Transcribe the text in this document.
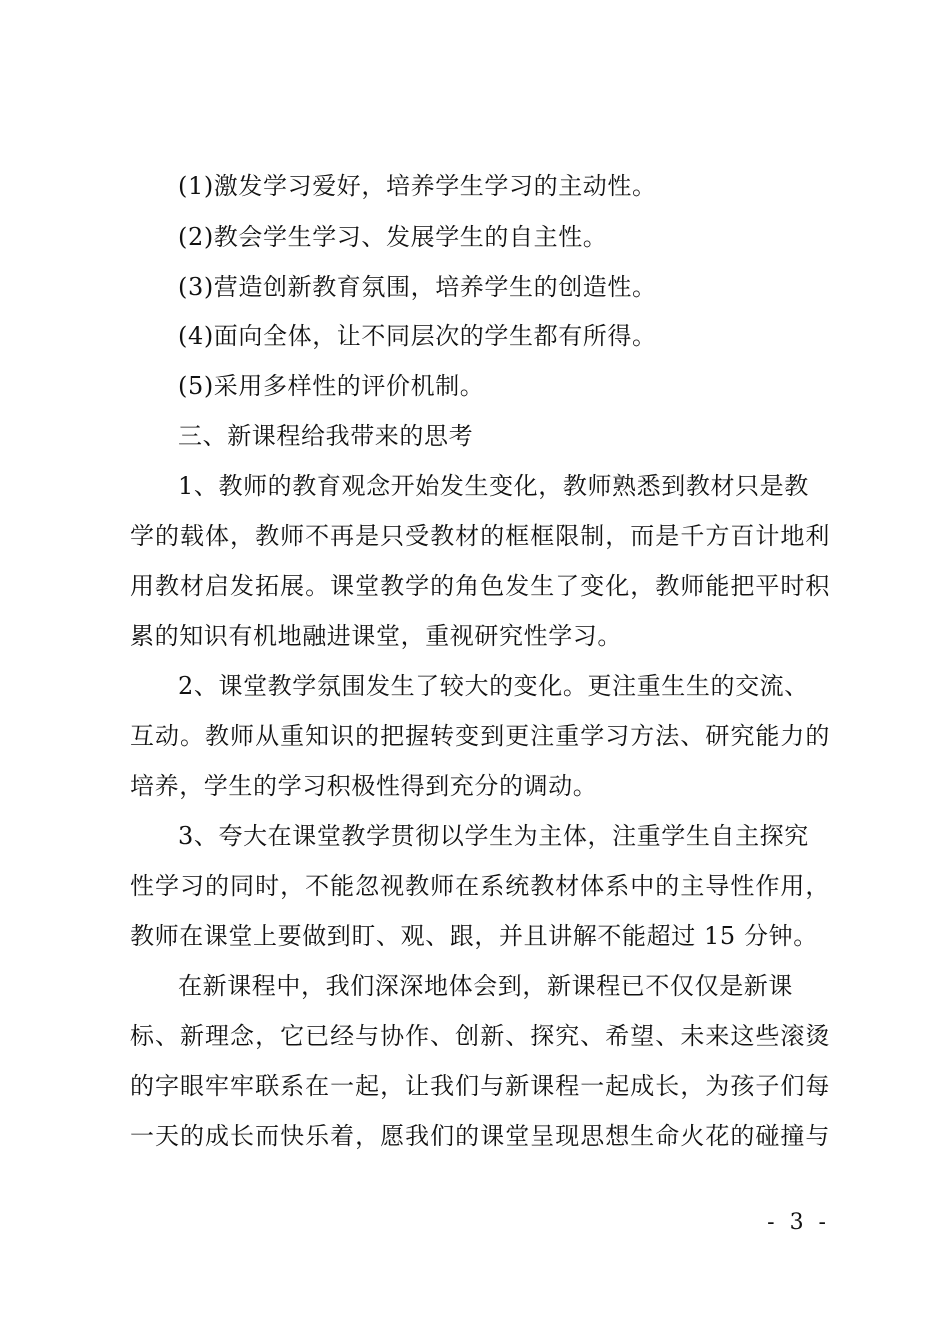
(1)激发学习爱好，培养学生学习的主动性。
(2)教会学生学习、发展学生的自主性。
(3)营造创新教育氛围，培养学生的创造性。
(4)面向全体，让不同层次的学生都有所得。
(5)采用多样性的评价机制。
三、新课程给我带来的思考
1、教师的教育观念开始发生变化，教师熟悉到教材只是教
学的载体，教师不再是只受教材的框框限制，而是千方百计地利
用教材启发拓展。课堂教学的角色发生了变化，教师能把平时积
累的知识有机地融进课堂，重视研究性学习。
2、课堂教学氛围发生了较大的变化。更注重生生的交流、
互动。教师从重知识的把握转变到更注重学习方法、研究能力的
培养，学生的学习积极性得到充分的调动。
3、夸大在课堂教学贯彻以学生为主体，注重学生自主探究
性学习的同时，不能忽视教师在系统教材体系中的主导性作用，
教师在课堂上要做到盯、观、跟，并且讲解不能超过 15 分钟。
在新课程中，我们深深地体会到，新课程已不仅仅是新课
标、新理念，它已经与协作、创新、探究、希望、未来这些滚烫
的字眼牢牢联系在一起，让我们与新课程一起成长，为孩子们每
一天的成长而快乐着，愿我们的课堂呈现思想生命火花的碰撞与
- 3 -
